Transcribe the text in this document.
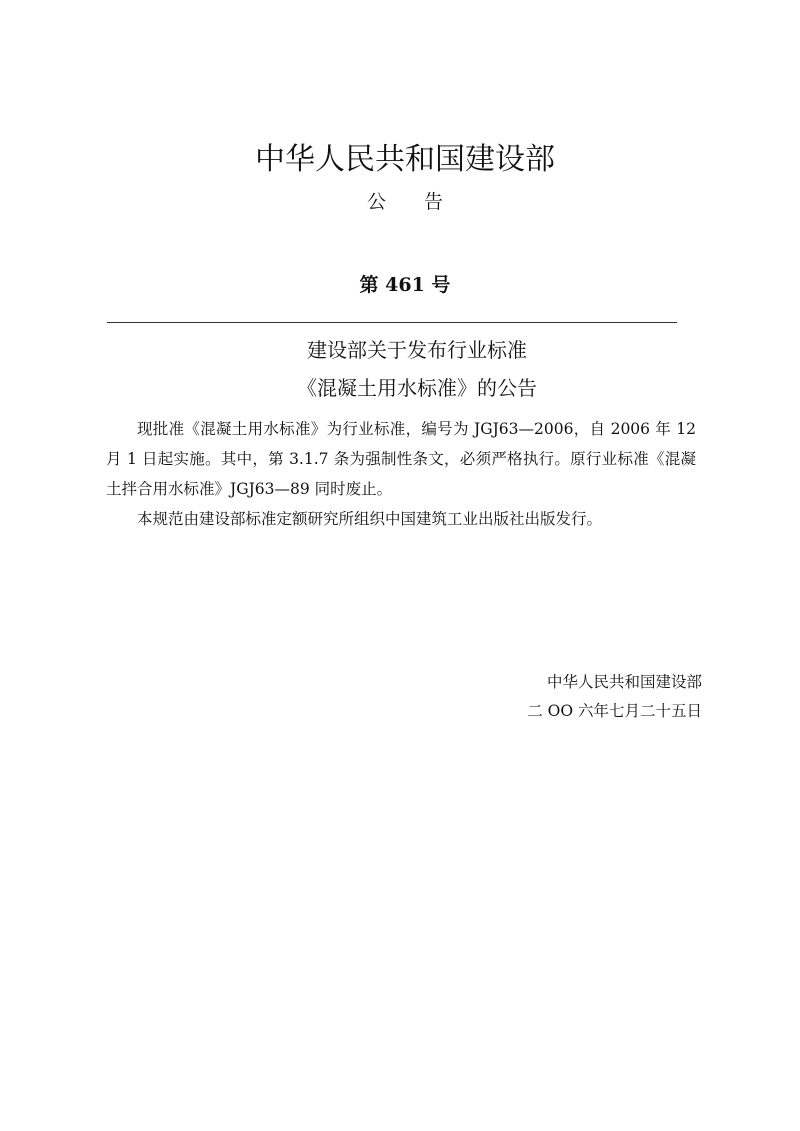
中华人民共和国建设部
公　　告
第 461 号
建设部关于发布行业标准
《混凝土用水标准》的公告

现批准《混凝土用水标准》为行业标准，编号为 JGJ63—2006，自 2006 年 12 月 1 日起实施。其中，第 3.1.7 条为强制性条文，必须严格执行。原行业标准《混凝土拌合用水标准》JGJ63—89 同时废止。

本规范由建设部标准定额研究所组织中国建筑工业出版社出版发行。

中华人民共和国建设部
二 OO 六年七月二十五日
